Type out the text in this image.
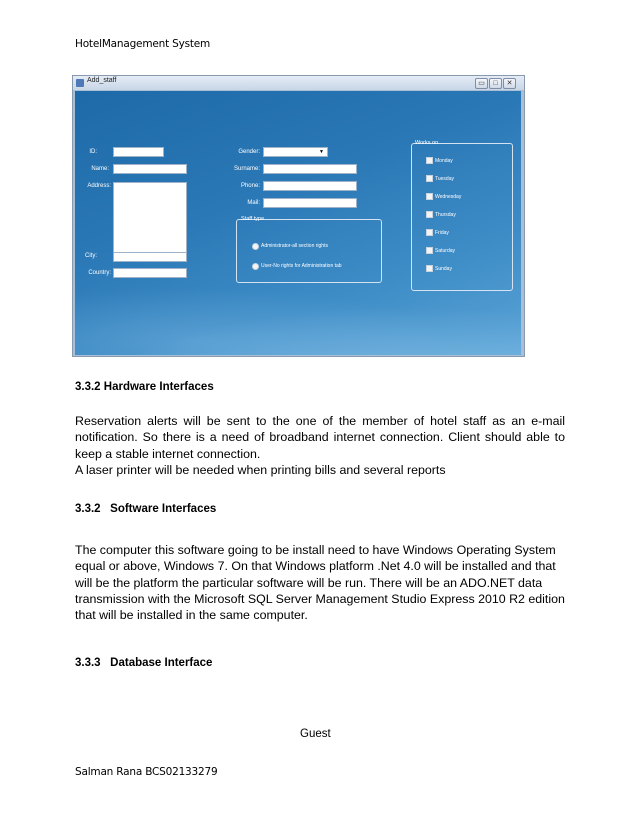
HotelManagement System
Add_staff	▭	□	✕
ID:
Name:
Address:
City:
Country:
Gender:	▼
Surname:
Phone:
Mail:
Staff type
Administrator-all section rights
User-No rights for Administration tab
Works on
Monday
Tuesday
Wednesday
Thursday
Friday
Saturday
Sunday
3.3.2 Hardware Interfaces
Reservation alerts will be sent to the one of the member of hotel staff as an e-mail
notification. So there is a need of broadband internet connection. Client should able to
keep a stable internet connection.
A laser printer will be needed when printing bills and several reports
3.3.2   Software Interfaces
The computer this software going to be install need to have Windows Operating System
equal or above, Windows 7. On that Windows platform .Net 4.0 will be installed and that
will be the platform the particular software will be run. There will be an ADO.NET data
transmission with the Microsoft SQL Server Management Studio Express 2010 R2 edition
that will be installed in the same computer.
3.3.3   Database Interface
Guest
Salman Rana BCS02133279
